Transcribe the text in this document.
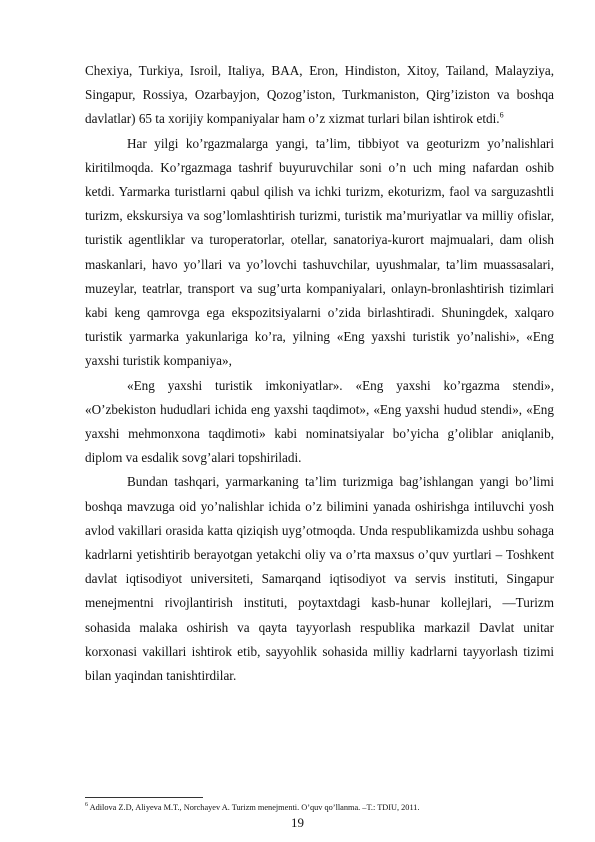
Chexiya, Turkiya, Isroil, Italiya, BAA, Eron, Hindiston, Xitoy, Tailand, Malayziya, Singapur, Rossiya, Ozarbayjon, Qozog’iston, Turkmaniston, Qirg’iziston va boshqa davlatlar) 65 ta xorijiy kompaniyalar ham o’z xizmat turlari bilan ishtirok etdi.$^6$

Har yilgi ko’rgazmalarga yangi, ta’lim, tibbiyot va geoturizm yo’nalishlari kiritilmoqda. Ko’rgazmaga tashrif buyuruvchilar soni o’n uch ming nafardan oshib ketdi. Yarmarka turistlarni qabul qilish va ichki turizm, ekoturizm, faol va sarguzashtli turizm, ekskursiya va sog’lomlashtirish turizmi, turistik ma’muriyatlar va milliy ofislar, turistik agentliklar va turoperatorlar, otellar, sanatoriya-kurort majmualari, dam olish maskanlari, havo yo’llari va yo’lovchi tashuvchilar, uyushmalar, ta’lim muassasalari, muzeylar, teatrlar, transport va sug’urta kompaniyalari, onlayn-bronlashtirish tizimlari kabi keng qamrovga ega ekspozitsiyalarni o’zida birlashtiradi. Shuningdek, xalqaro turistik yarmarka yakunlariga ko’ra, yilning «Eng yaxshi turistik yo’nalishi», «Eng yaxshi turistik kompaniya»,

«Eng yaxshi turistik imkoniyatlar». «Eng yaxshi ko’rgazma stendi», «O’zbekiston hududlari ichida eng yaxshi taqdimot», «Eng yaxshi hudud stendi», «Eng yaxshi mehmonxona taqdimoti» kabi nominatsiyalar bo’yicha g’oliblar aniqlanib, diplom va esdalik sovg’alari topshiriladi.

Bundan tashqari, yarmarkaning ta’lim turizmiga bag’ishlangan yangi bo’limi boshqa mavzuga oid yo’nalishlar ichida o’z bilimini yanada oshirishga intiluvchi yosh avlod vakillari orasida katta qiziqish uyg’otmoqda. Unda respublikamizda ushbu sohaga kadrlarni yetishtirib berayotgan yetakchi oliy va o’rta maxsus o’quv yurtlari – Toshkent davlat iqtisodiyot universiteti, Samarqand iqtisodiyot va servis instituti, Singapur menejmentni rivojlantirish instituti, poytaxtdagi kasb-hunar kollejlari, ―Turizm sohasida malaka oshirish va qayta tayyorlash respublika markazi‖ Davlat unitar korxonasi vakillari ishtirok etib, sayyohlik sohasida milliy kadrlarni tayyorlash tizimi bilan yaqindan tanishtirdilar.

$^6$ Adilova Z.D, Aliyeva M.T., Norchayev A. Turizm menejmenti. O’quv qo’llanma. –T.: TDIU, 2011.
19
